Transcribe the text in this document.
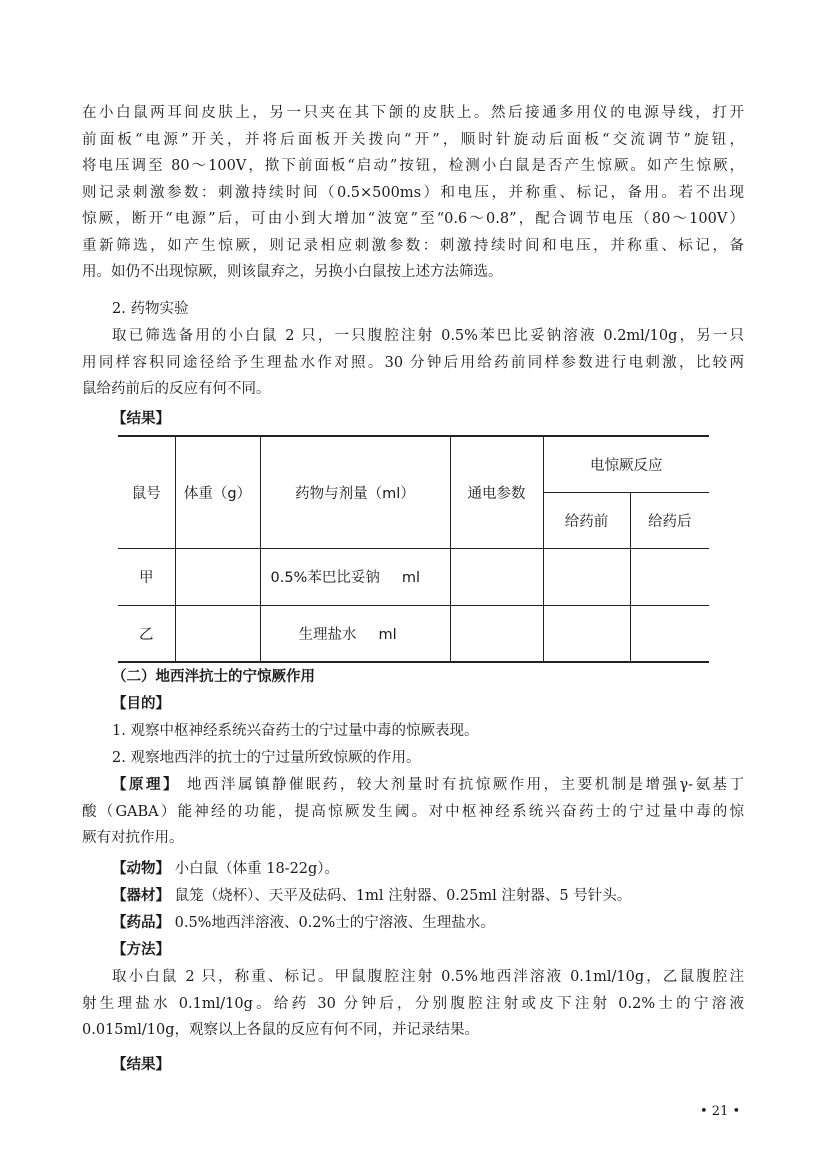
在小白鼠两耳间皮肤上，另一只夹在其下颌的皮肤上。然后接通多用仪的电源导线，打开
前面板“电源”开关，并将后面板开关拨向“开”，顺时针旋动后面板“交流调节”旋钮，
将电压调至 80～100V，揿下前面板“启动”按钮，检测小白鼠是否产生惊厥。如产生惊厥，
则记录刺激参数：刺激持续时间（0.5×500ms）和电压，并称重、标记，备用。若不出现
惊厥，断开“电源”后，可由小到大增加“波宽”至“0.6～0.8”，配合调节电压（80～100V）
重新筛选，如产生惊厥，则记录相应刺激参数：刺激持续时间和电压，并称重、标记，备
用。如仍不出现惊厥，则该鼠弃之，另换小白鼠按上述方法筛选。
2. 药物实验
取已筛选备用的小白鼠 2 只，一只腹腔注射 0.5%苯巴比妥钠溶液 0.2ml/10g，另一只
用同样容积同途径给予生理盐水作对照。30 分钟后用给药前同样参数进行电刺激，比较两
鼠给药前后的反应有何不同。
【结果】
鼠号	体重（g）	药物与剂量（ml）	通电参数	电惊厥反应	
				给药前	给药后
甲		0.5%苯巴比妥钠 ml			
乙		生理盐水 ml			
（二）地西泮抗士的宁惊厥作用
【目的】
1. 观察中枢神经系统兴奋药士的宁过量中毒的惊厥表现。
2. 观察地西泮的抗士的宁过量所致惊厥的作用。
【原理】 地西泮属镇静催眠药，较大剂量时有抗惊厥作用，主要机制是增强γ-氨基丁
酸（GABA）能神经的功能，提高惊厥发生阈。对中枢神经系统兴奋药士的宁过量中毒的惊
厥有对抗作用。
【动物】 小白鼠（体重 18-22g）。
【器材】 鼠笼（烧杯）、天平及砝码、1ml 注射器、0.25ml 注射器、5 号针头。
【药品】 0.5%地西泮溶液、0.2%士的宁溶液、生理盐水。
【方法】
取小白鼠 2 只，称重、标记。甲鼠腹腔注射 0.5%地西泮溶液 0.1ml/10g，乙鼠腹腔注
射生理盐水 0.1ml/10g。给药 30 分钟后，分别腹腔注射或皮下注射 0.2%士的宁溶液
0.015ml/10g，观察以上各鼠的反应有何不同，并记录结果。
【结果】
• 21 •
